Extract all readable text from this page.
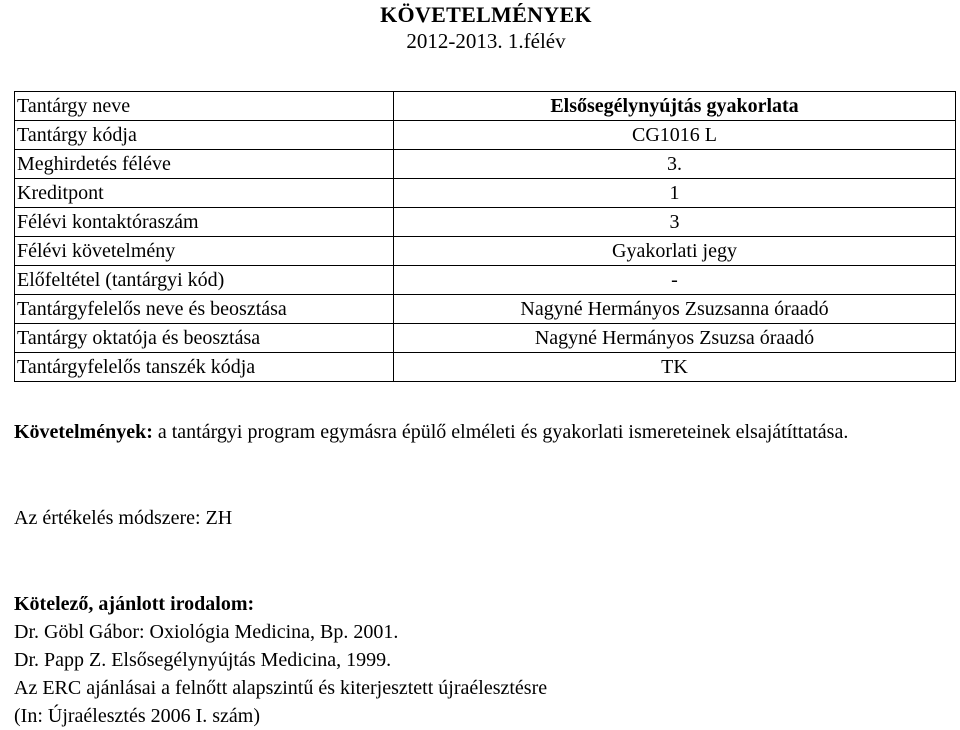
KÖVETELMÉNYEK
2012-2013. 1.félév
Tantárgy neve	Elsősegélynyújtás gyakorlata
Tantárgy kódja	CG1016 L
Meghirdetés féléve	3.
Kreditpont	1
Félévi kontaktóraszám	3
Félévi követelmény	Gyakorlati jegy
Előfeltétel (tantárgyi kód)	-
Tantárgyfelelős neve és beosztása	Nagyné Hermányos Zsuzsanna óraadó
Tantárgy oktatója és beosztása	Nagyné Hermányos Zsuzsa óraadó
Tantárgyfelelős tanszék kódja	TK
Követelmények: a tantárgyi program egymásra épülő elméleti és gyakorlati ismereteinek elsajátíttatása.
Az értékelés módszere: ZH
Kötelező, ajánlott irodalom:
Dr. Göbl Gábor: Oxiológia Medicina, Bp. 2001.
Dr. Papp Z. Elsősegélynyújtás Medicina, 1999.
Az ERC ajánlásai a felnőtt alapszintű és kiterjesztett újraélesztésre
(In: Újraélesztés 2006 I. szám)
